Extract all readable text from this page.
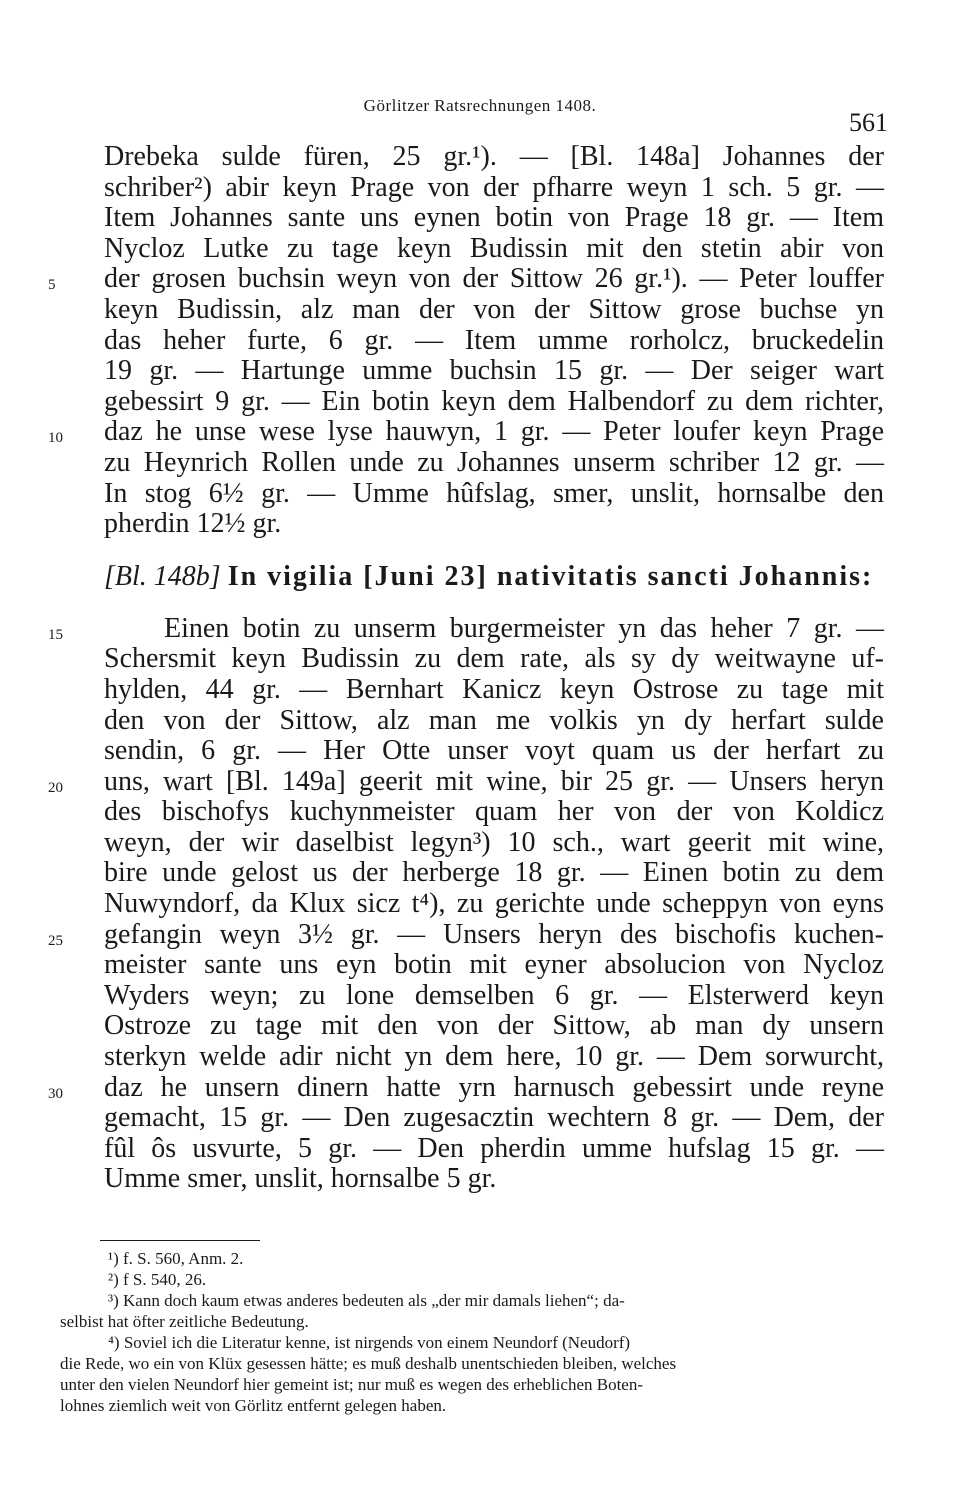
Görlitzer Ratsrechnungen 1408.
561
Drebeka sulde füren, 25 gr.¹). — [Bl. 148a] Johannes der
schriber²) abir keyn Prage von der pfharre weyn 1 sch. 5 gr. —
Item Johannes sante uns eynen botin von Prage 18 gr. — Item
Nycloz Lutke zu tage keyn Budissin mit den stetin abir von
5	der grosen buchsin weyn von der Sittow 26 gr.¹). — Peter louffer
keyn Budissin, alz man der von der Sittow grose buchse yn
das heher furte, 6 gr. — Item umme rorholcz, bruckedelin
19 gr. — Hartunge umme buchsin 15 gr. — Der seiger wart
gebessirt 9 gr. — Ein botin keyn dem Halbendorf zu dem richter,
10	daz he unse wese lyse hauwyn, 1 gr. — Peter loufer keyn Prage
zu Heynrich Rollen unde zu Johannes unserm schriber 12 gr. —
In stog 6½ gr. — Umme hûfslag, smer, unslit, hornsalbe den
pherdin 12½ gr.
[Bl. 148b] In vigilia [Juni 23] nativitatis sancti Johannis:
15	Einen botin zu unserm burgermeister yn das heher 7 gr. —
Schersmit keyn Budissin zu dem rate, als sy dy weitwayne uf-
hylden, 44 gr. — Bernhart Kanicz keyn Ostrose zu tage mit
den von der Sittow, alz man me volkis yn dy herfart sulde
sendin, 6 gr. — Her Otte unser voyt quam us der herfart zu
20	uns, wart [Bl. 149a] geerit mit wine, bir 25 gr. — Unsers heryn
des bischofys kuchynmeister quam her von der von Koldicz
weyn, der wir daselbist legyn³) 10 sch., wart geerit mit wine,
bire unde gelost us der herberge 18 gr. — Einen botin zu dem
Nuwyndorf, da Klux sicz t⁴), zu gerichte unde scheppyn von eyns
25	gefangin weyn 3½ gr. — Unsers heryn des bischofis kuchen-
meister sante uns eyn botin mit eyner absolucion von Nycloz
Wyders weyn; zu lone demselben 6 gr. — Elsterwerd keyn
Ostroze zu tage mit den von der Sittow, ab man dy unsern
sterkyn welde adir nicht yn dem here, 10 gr. — Dem sorwurcht,
30	daz he unsern dinern hatte yrn harnusch gebessirt unde reyne
gemacht, 15 gr. — Den zugesacztin wechtern 8 gr. — Dem, der
fûl ôs usvurte, 5 gr. — Den pherdin umme hufslag 15 gr. —
Umme smer, unslit, hornsalbe 5 gr.
¹) f. S. 560, Anm. 2.
²) f S. 540, 26.
³) Kann doch kaum etwas anderes bedeuten als „der mir damals liehen“; da-
selbist hat öfter zeitliche Bedeutung.
⁴) Soviel ich die Literatur kenne, ist nirgends von einem Neundorf (Neudorf)
die Rede, wo ein von Klüx gesessen hätte; es muß deshalb unentschieden bleiben, welches
unter den vielen Neundorf hier gemeint ist; nur muß es wegen des erheblichen Boten-
lohnes ziemlich weit von Görlitz entfernt gelegen haben.
